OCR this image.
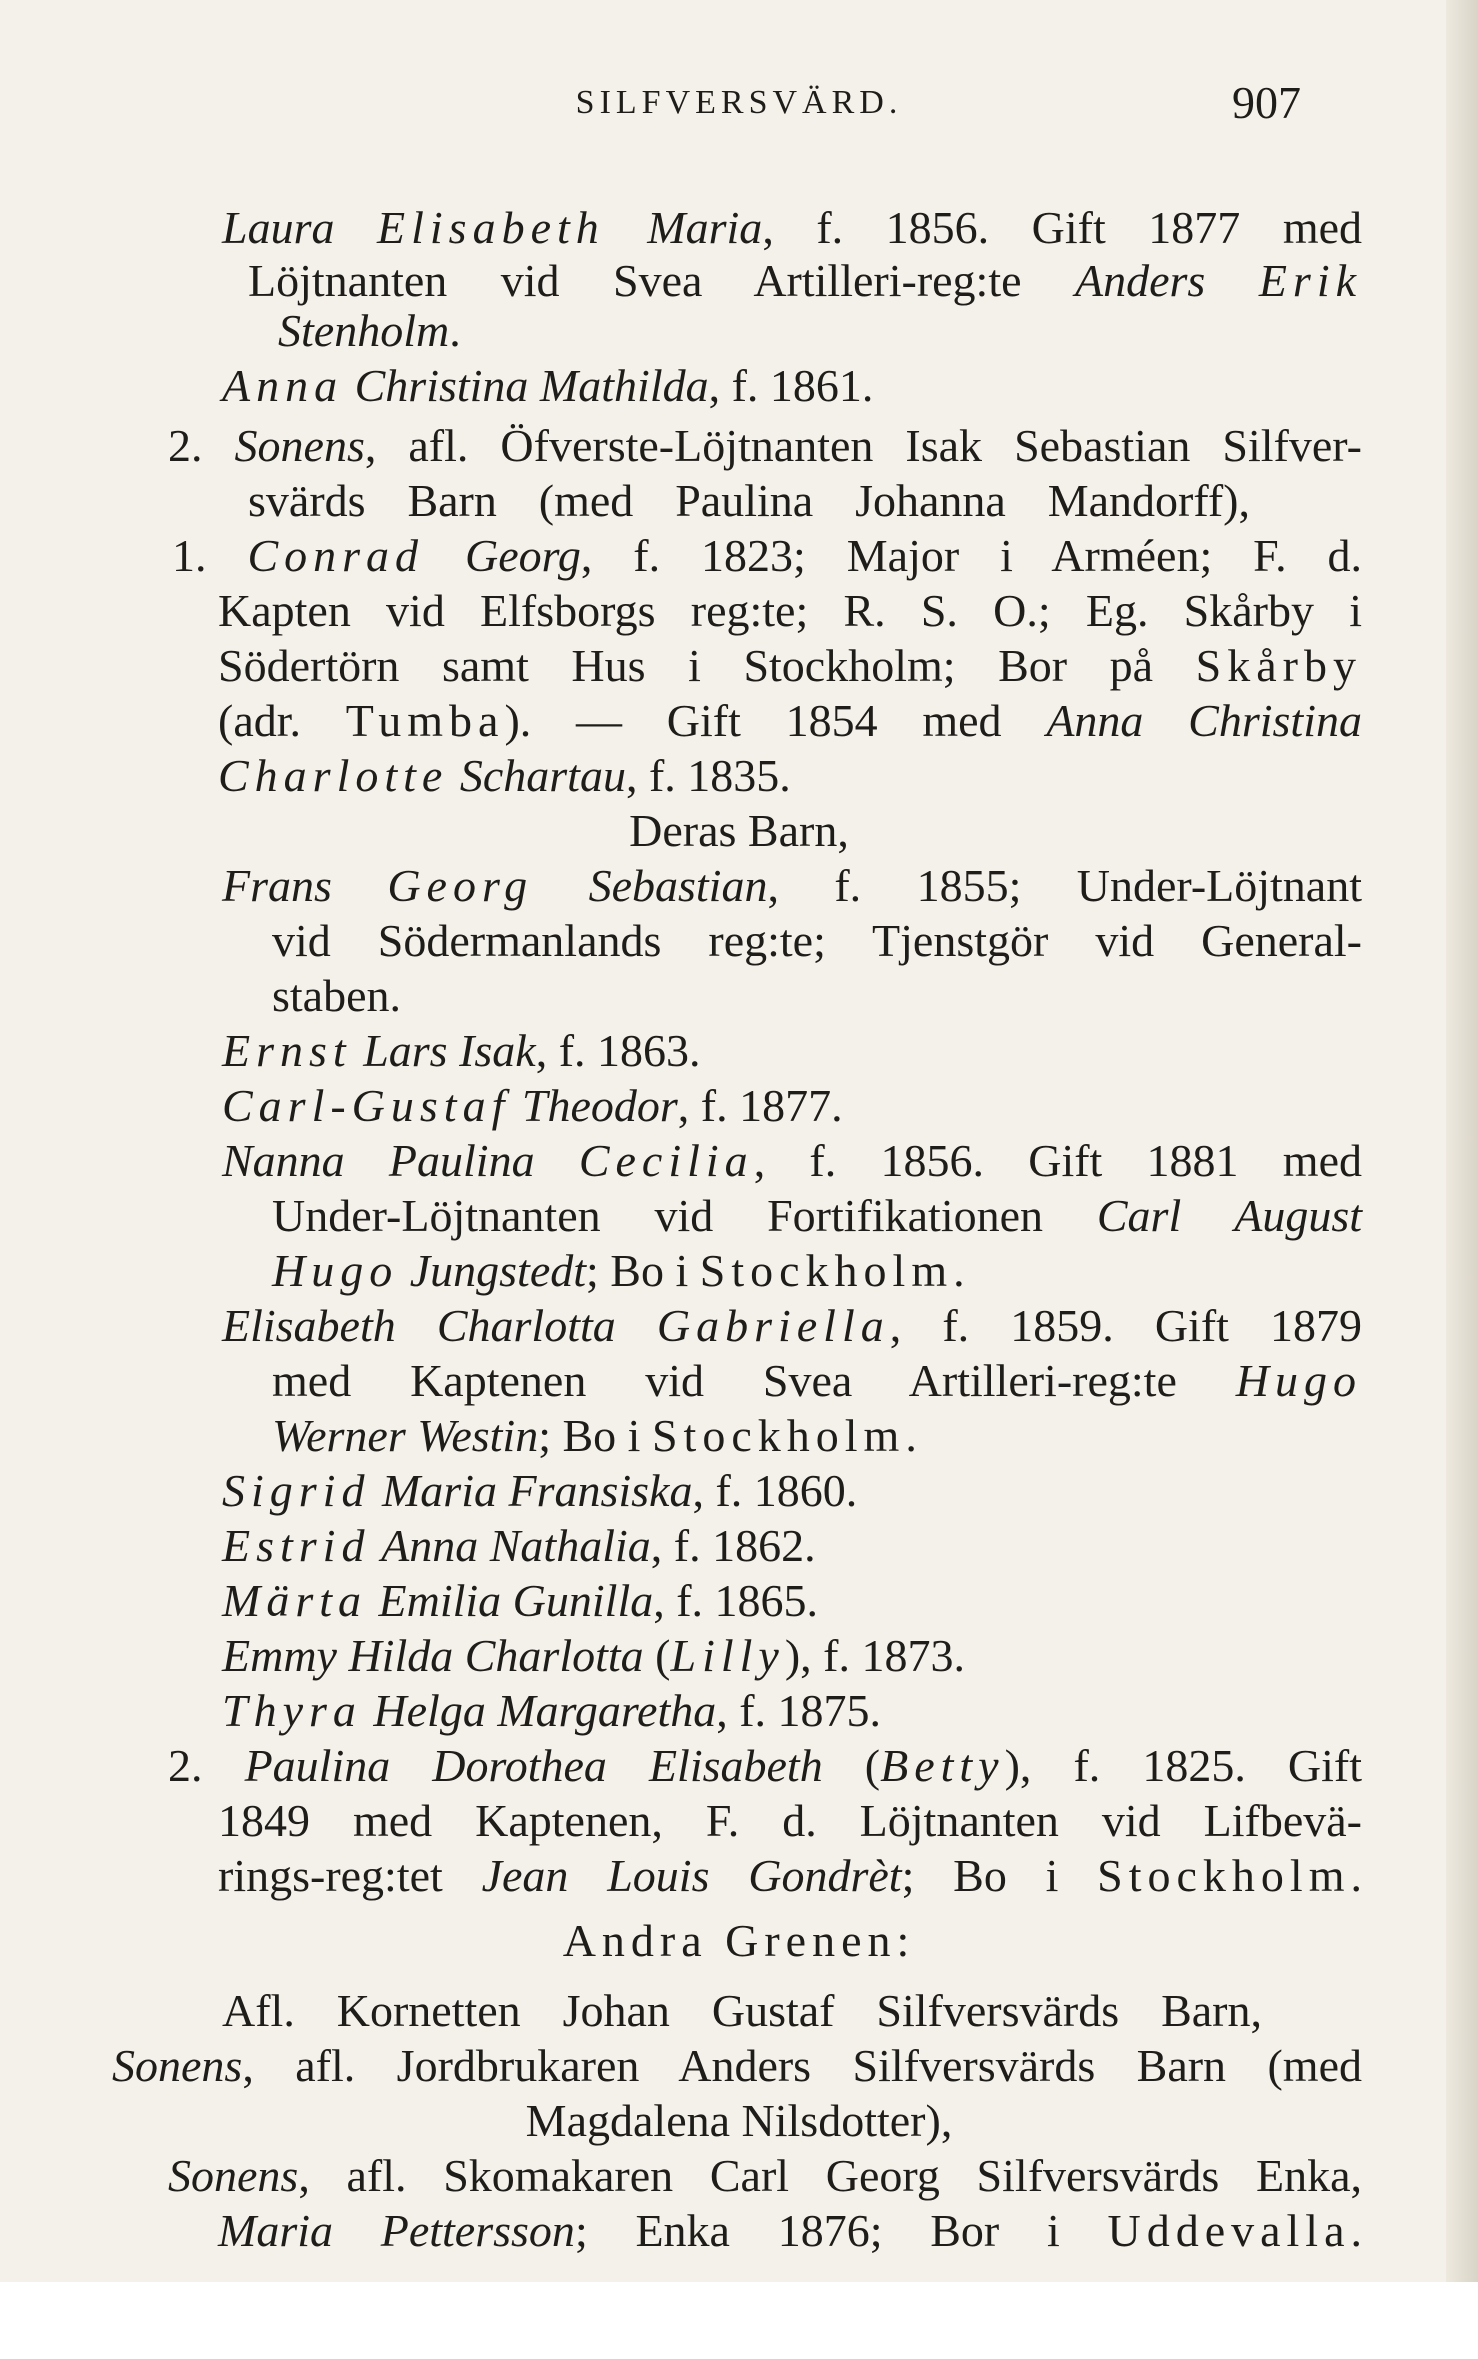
SILFVERSVÄRD.	907
Laura Elisabeth Maria, f. 1856. Gift 1877 med
Löjtnanten vid Svea Artilleri-reg:te Anders Erik
Stenholm.
Anna Christina Mathilda, f. 1861.
2. Sonens, afl. Öfverste-Löjtnanten Isak Sebastian Silfver-
svärds Barn (med Paulina Johanna Mandorff),
1. Conrad Georg, f. 1823; Major i Arméen; F. d.
Kapten vid Elfsborgs reg:te; R. S. O.; Eg. Skårby i
Södertörn samt Hus i Stockholm; Bor på Skårby
(adr. Tumba). — Gift 1854 med Anna Christina
Charlotte Schartau, f. 1835.
Deras Barn,
Frans Georg Sebastian, f. 1855; Under-Löjtnant
vid Södermanlands reg:te; Tjenstgör vid General-
staben.
Ernst Lars Isak, f. 1863.
Carl-Gustaf Theodor, f. 1877.
Nanna Paulina Cecilia, f. 1856. Gift 1881 med
Under-Löjtnanten vid Fortifikationen Carl August
Hugo Jungstedt; Bo i Stockholm.
Elisabeth Charlotta Gabriella, f. 1859. Gift 1879
med Kaptenen vid Svea Artilleri-reg:te Hugo
Werner Westin; Bo i Stockholm.
Sigrid Maria Fransiska, f. 1860.
Estrid Anna Nathalia, f. 1862.
Märta Emilia Gunilla, f. 1865.
Emmy Hilda Charlotta (Lilly), f. 1873.
Thyra Helga Margaretha, f. 1875.
2. Paulina Dorothea Elisabeth (Betty), f. 1825. Gift
1849 med Kaptenen, F. d. Löjtnanten vid Lifbevä-
rings-reg:tet Jean Louis Gondrèt; Bo i Stockholm.
Andra Grenen:
Afl. Kornetten Johan Gustaf Silfversvärds Barn,
Sonens, afl. Jordbrukaren Anders Silfversvärds Barn (med
Magdalena Nilsdotter),
Sonens, afl. Skomakaren Carl Georg Silfversvärds Enka,
Maria Pettersson; Enka 1876; Bor i Uddevalla.
